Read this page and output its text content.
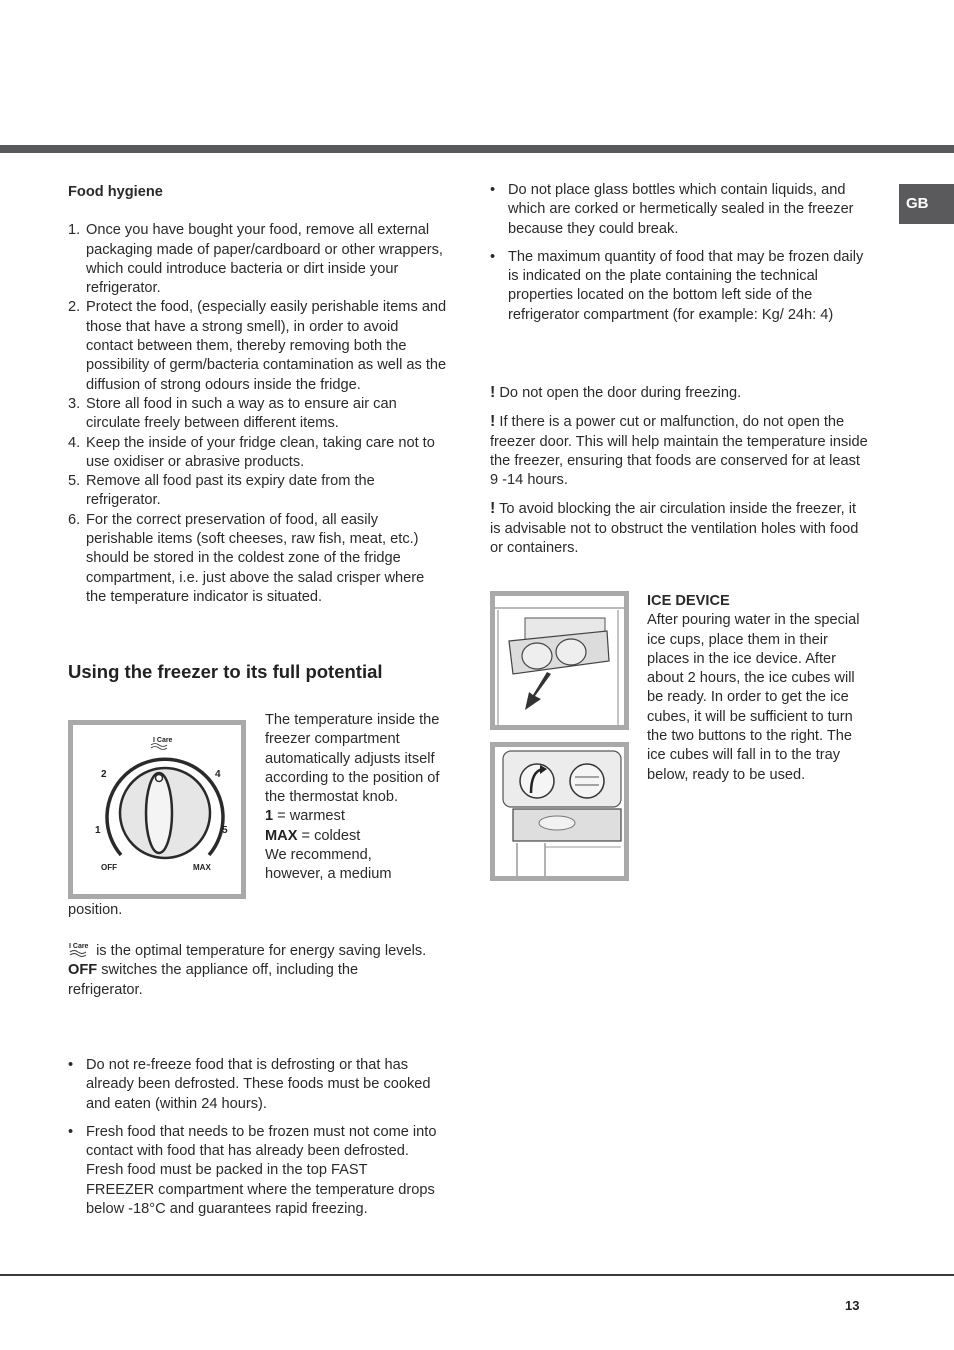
GB

Food hygiene

1. Once you have bought your food, remove all external packaging made of paper/cardboard or other wrappers, which could introduce bacteria or dirt inside your refrigerator.
2. Protect the food, (especially easily perishable items and those that have a strong smell), in order to avoid contact between them, thereby removing both the possibility of germ/bacteria contamination as well as the diffusion of strong odours inside the fridge.
3. Store all food in such a way as to ensure air can circulate freely between different items.
4. Keep the inside of your fridge clean, taking care not to use oxidiser or abrasive products.
5. Remove all food past its expiry date from the refrigerator.
6. For the correct preservation of food, all easily perishable items (soft cheeses, raw fish, meat, etc.) should be stored in the coldest zone of the fridge compartment, i.e. just above the salad crisper where the temperature indicator is situated.
Using the freezer to its full potential
I Care
2	4
1	5
OFF	MAX

The temperature inside the freezer compartment automatically adjusts itself according to the position of the thermostat knob.

1 = warmest

MAX = coldest

We recommend,
however, a medium

position.

I Care is the optimal temperature for energy saving levels.

OFF switches the appliance off, including the refrigerator.

• Do not re-freeze food that is defrosting or that has already been defrosted. These foods must be cooked and eaten (within 24 hours).
• Fresh food that needs to be frozen must not come into contact with food that has already been defrosted. Fresh food must be packed in the top FAST FREEZER compartment where the temperature drops below -18°C and guarantees rapid freezing.
• Do not place glass bottles which contain liquids, and which are corked or hermetically sealed in the freezer because they could break.
• The maximum quantity of food that may be frozen daily is indicated on the plate containing the technical properties located on the bottom left side of the refrigerator compartment (for example: Kg/ 24h: 4)

! Do not open the door during freezing.

! If there is a power cut or malfunction, do not open the freezer door. This will help maintain the temperature inside the freezer, ensuring that foods are conserved for at least 9 -14 hours.

! To avoid blocking the air circulation inside the freezer, it is advisable not to obstruct the ventilation holes with food or containers.

ICE DEVICE

After pouring water in the special ice cups, place them in their places in the ice device. After about 2 hours, the ice cubes will be ready. In order to get the ice cubes, it will be sufficient to turn the two buttons to the right. The ice cubes will fall in to the tray below, ready to be used.

13
